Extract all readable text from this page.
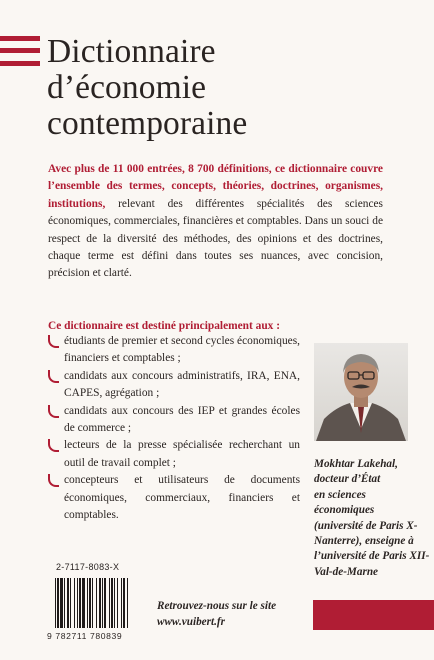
Dictionnaire
d’économie
contemporaine

Avec plus de 11 000 entrées, 8 700 définitions, ce dictionnaire couvre l’ensemble des termes, concepts, théories, doctrines, organismes, institutions, relevant des différentes spécialités des sciences économiques, commerciales, financières et comptables. Dans un souci de respect de la diversité des méthodes, des opinions et des doctrines, chaque terme est défini dans toutes ses nuances, avec concision, précision et clarté.

Ce dictionnaire est destiné principalement aux :
étudiants de premier et second cycles économiques, financiers et comptables ;
candidats aux concours administratifs, IRA, ENA, CAPES, agrégation ;
candidats aux concours des IEP et grandes écoles de commerce ;
lecteurs de la presse spécialisée recherchant un outil de travail complet ;
concepteurs et utilisateurs de documents économiques, commerciaux, financiers et comptables.
Mokhtar Lakehal,
docteur d’État
en sciences
économiques
(université de Paris X-
Nanterre), enseigne à
l’université de Paris XII-
Val-de-Marne
2-7117-8083-X
9 782711 780839
Retrouvez-nous sur le site
www.vuibert.fr
